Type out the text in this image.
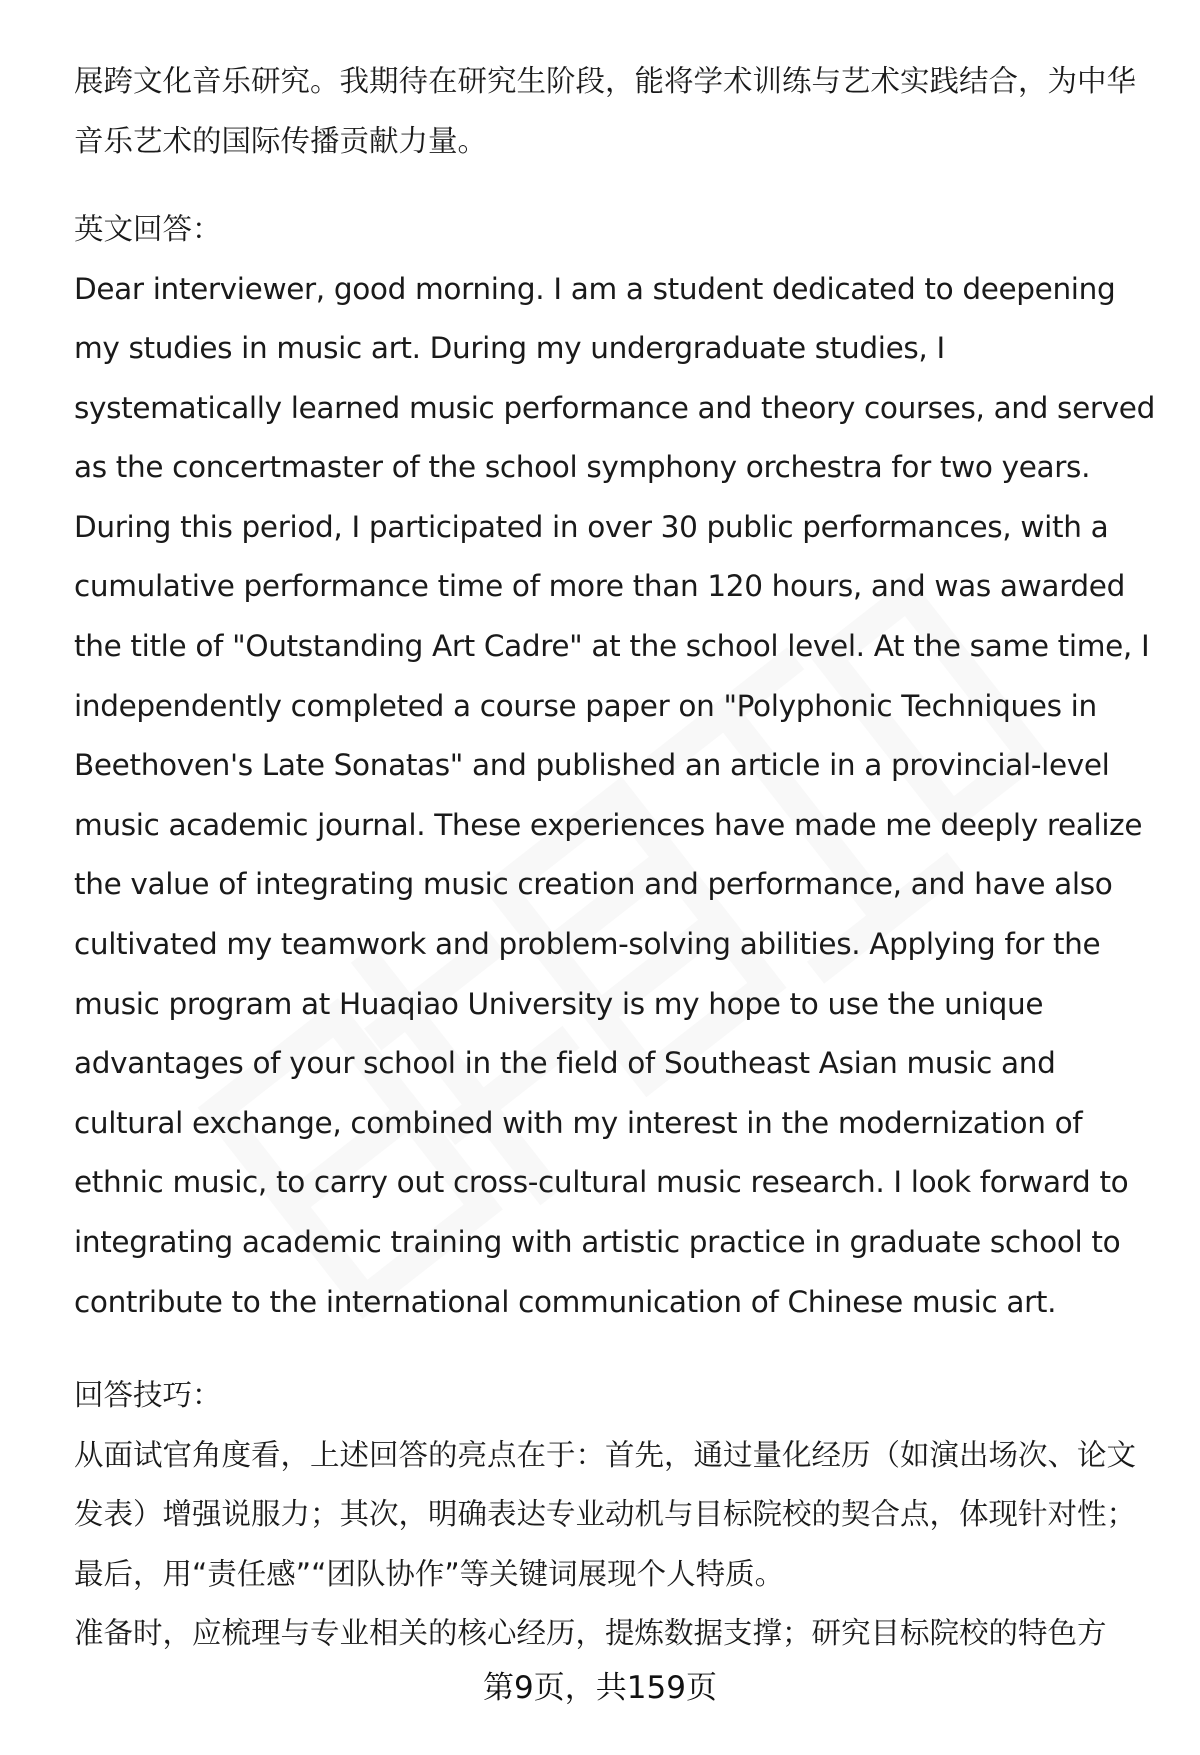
展跨文化音乐研究。我期待在研究生阶段，能将学术训练与艺术实践结合，为中华音乐艺术的国际传播贡献力量。

英文回答：

Dear interviewer, good morning. I am a student dedicated to deepening my studies in music art. During my undergraduate studies, I systematically learned music performance and theory courses, and served as the concertmaster of the school symphony orchestra for two years. During this period, I participated in over 30 public performances, with a cumulative performance time of more than 120 hours, and was awarded the title of "Outstanding Art Cadre" at the school level. At the same time, I independently completed a course paper on "Polyphonic Techniques in Beethoven's Late Sonatas" and published an article in a provincial-level music academic journal. These experiences have made me deeply realize the value of integrating music creation and performance, and have also cultivated my teamwork and problem-solving abilities. Applying for the music program at Huaqiao University is my hope to use the unique advantages of your school in the field of Southeast Asian music and cultural exchange, combined with my interest in the modernization of ethnic music, to carry out cross-cultural music research. I look forward to integrating academic training with artistic practice in graduate school to contribute to the international communication of Chinese music art.

回答技巧：

从面试官角度看，上述回答的亮点在于：首先，通过量化经历（如演出场次、论文发表）增强说服力；其次，明确表达专业动机与目标院校的契合点，体现针对性；最后，用“责任感”“团队协作”等关键词展现个人特质。

准备时，应梳理与专业相关的核心经历，提炼数据支撑；研究目标院校的特色方

第9页，共159页
